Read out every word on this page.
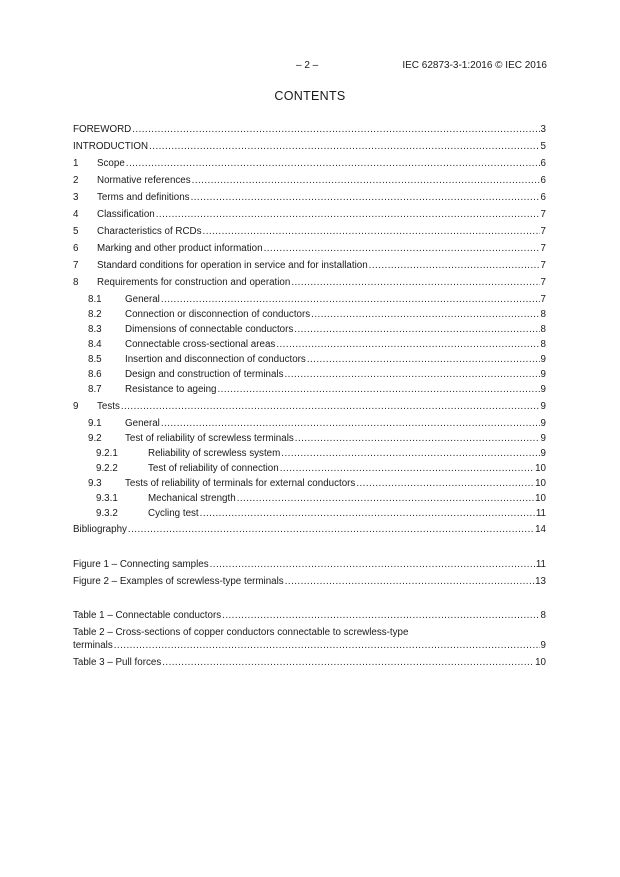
– 2 –	IEC 62873-3-1:2016 © IEC 2016
CONTENTS
FOREWORD .....	3
INTRODUCTION .....	5
1 Scope .....	6
2 Normative references .....	6
3 Terms and definitions .....	6
4 Classification .....	7
5 Characteristics of RCDs .....	7
6 Marking and other product information .....	7
7 Standard conditions for operation in service and for installation .....	7
8 Requirements for construction and operation .....	7
8.1 General .....	7
8.2 Connection or disconnection of conductors .....	8
8.3 Dimensions of connectable conductors .....	8
8.4 Connectable cross-sectional areas .....	8
8.5 Insertion and disconnection of conductors .....	9
8.6 Design and construction of terminals .....	9
8.7 Resistance to ageing .....	9
9 Tests .....	9
9.1 General .....	9
9.2 Test of reliability of screwless terminals .....	9
9.2.1	Reliability of screwless system .....	9
9.2.2	Test of reliability of connection .....	10
9.3 Tests of reliability of terminals for external conductors .....	10
9.3.1	Mechanical strength .....	10
9.3.2	Cycling test .....	11
Bibliography .....	14
Figure 1 – Connecting samples .....	11
Figure 2 – Examples of screwless-type terminals .....	13
Table 1 – Connectable conductors .....	8
Table 2 – Cross-sections of copper conductors connectable to screwless-type
terminals .....	9
Table 3 – Pull forces .....	10
